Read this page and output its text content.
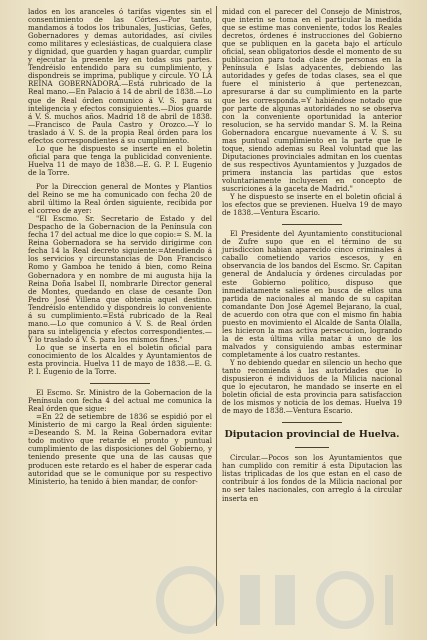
lados en los aranceles ó tarifas vigentes sin el consentimiento de las Córtes.—Por tanto, mandamos á todos los tribunales, Justicias, Gefes, Gobernadores y demas autoridades, así civiles como militares y eclesiásticas, de cualquiera clase y dignidad, que guarden y hagan guardar, cumplir y ejecutar la presente ley en todas sus partes. Tendréislo entendido para su cumplimiento, y dispondreis se imprima, publique y circule. YO LA REINA GOBERNADORA.—Está rubricado de la Real mano.—En Palacio á 14 de abril de 1838.—Lo que de Real órden comunico á V. S. para su inteligencia y efectos consiguientes.—Dios guarde á V. S. muchos años. Madrid 18 de abril de 1838. —Francisco de Paula Castro y Orozco.—Y lo traslado á V. S. de la propia Real órden para los efectos correspondientes á su cumplimiento.

Lo que he dispuesto se inserte en el boletin oficial para que tenga la publicidad conveniente. Huelva 11 de mayo de 1838.—E. G. P. I. Eugenio de la Torre.

Por la Direccion general de Montes y Plantios del Reino se me ha comunicado con fecha 20 de abril último la Real órden siguiente, recibida por el correo de ayer:

"El Escmo. Sr. Secretario de Estado y del Despacho de la Gobernacion de la Península con fecha 17 del actual me dice lo que copio:= S. M. la Reina Gobernadora se ha servido dirigirme con fecha 14 la Real decreto siguiente:=Atendiendo á los servicios y circunstancias de Don Francisco Romo y Gamboa he tenido á bien, como Reina Gobernadora y en nombre de mi augusta hija la Reina Doña Isabel II, nombrarle Director general de Montes, quedando en clase de cesante Don Pedro José Villena que obtenia aquel destino. Tendréislo entendido y dispondreis lo conveniente á su cumplimiento.=Está rubricado de la Real mano.—Lo que comunico á V. S. de Real órden para su inteligencia y efectos correspondientes.—Y lo traslado á V. S. para los mismos fines."

Lo que se inserta en el boletin oficial para conocimiento de los Alcaldes y Ayuntamientos de esta provincia. Huelva 11 de mayo de 1838.—E. G. P. I. Eugenio de la Torre.

El Escmo. Sr. Ministro de la Gobernacion de la Península con fecha 4 del actual me comunica la Real órden que sigue:

=En 22 de setiembre de 1836 se espidió por el Ministerio de mi cargo la Real órden siguiente: =Deseando S. M. la Reina Gobernadora evitar todo motivo que retarde el pronto y puntual cumplimiento de las disposiciones del Gobierno, y teniendo presente que una de las causas que producen este retardo es el haber de esperar cada autoridad que se le comunique por su respectivo Ministerio, ha tenido á bien mandar, de confor-

midad con el parecer del Consejo de Ministros, que interin se toma en el particular la medida que se estime mas conveniente, todos los Reales decretos, órdenes é instrucciones del Gobierno que se publiquen en la gaceta bajo el artículo oficial, sean obligatorios desde el momento de su publicacion para toda clase de personas en la Península é Islas adyacentes, debiendo las autoridades y gefes de todas clases, sea el que fuere el ministerio á que pertenezcan, apresurarse á dar su cumplimiento en la parte que les corresponda.=Y habiéndose notado que por parte de algunas autoridades no se observa con la conveniente oportunidad la anterior resolucion, se ha servido mandar S. M. la Reina Gobernadora encargue nuevamente á V. S. su mas puntual cumplimiento en la parte que le toque, siendo ademas su Real voluntad que las Diputaciones provinciales admitan en los cuentas de sus respectivos Ayuntamientos y Juzgados de primera instancia las partidas que estos voluntariamente incluyesen en concepto de suscriciones á la gaceta de Madrid."

Y he dispuesto se inserte en el boletin oficial á los efectos que se previenen. Huelva 19 de mayo de 1838.—Ventura Escario.

El Presidente del Ayuntamiento constitucional de Zufre supo que en el término de su jurisdiccion habian aparecido cinco criminales á caballo cometiendo varios escesos, y en observancia de los bandos del Escmo. Sr. Capitan general de Andalucía y órdenes circuladas por este Gobierno político, dispuso que inmediatamente saliese en busca de ellos una partida de nacionales al mando de su capitan comandante Don José Agemel Bejarano, la cual, de acuerdo con otra que con el mismo fin habia puesto en movimiento el Alcalde de Santa Olalla, les hicieron la mas activa persecucion, logrando la de esta última villa matar á uno de los malvados y consiguiendo ambas esterminar completamente á los cuatro restantes.

Y no debiendo quedar en silencio un hecho que tanto recomienda á las autoridades que lo dispusieron é individuos de la Milicia nacional que lo ejecutaron, he mandado se inserte en el boletin oficial de esta provincia para satisfaccion de los mismos y noticia de los demas. Huelva 19 de mayo de 1838.—Ventura Escario.

Diputacion provincial de Huelva.

Circular.—Pocos son los Ayuntamientos que han cumplido con remitir á esta Diputacion las listas triplicadas de los que estan en el caso de contribuir á los fondos de la Milicia nacional por no ser tales nacionales, con arreglo á la circular inserta en
